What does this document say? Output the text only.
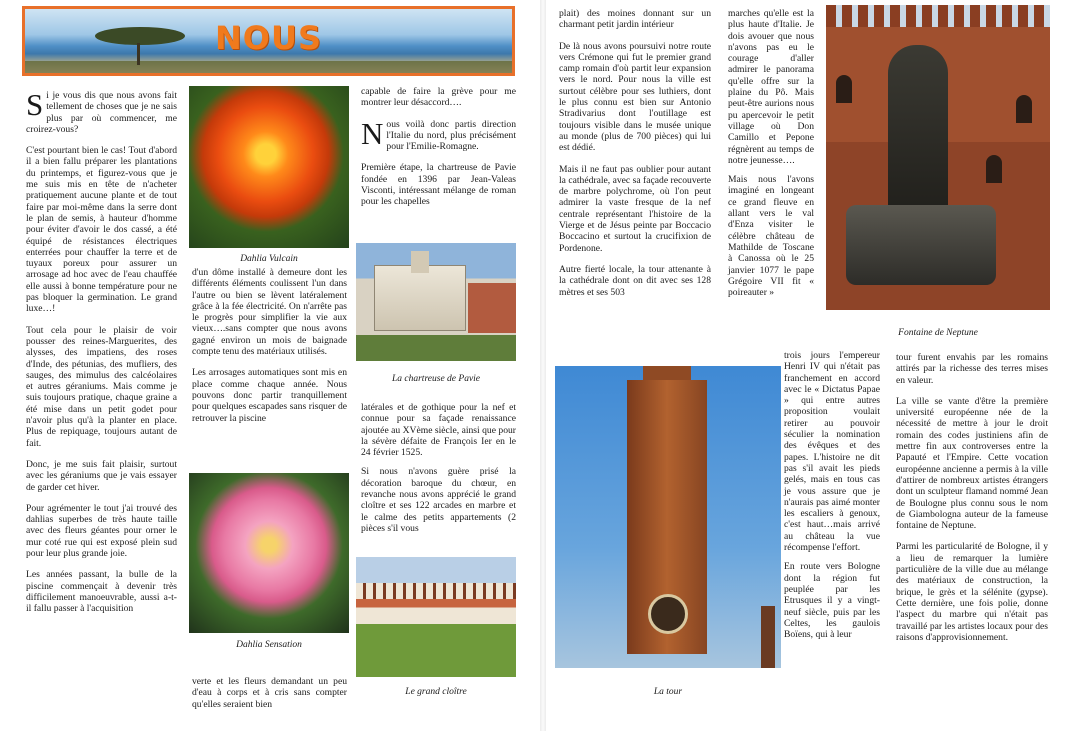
NOUS

Si je vous dis que nous avons fait tellement de choses que je ne sais plus par où commencer, me croirez-vous?

C'est pourtant bien le cas! Tout d'abord il a bien fallu préparer les plantations du printemps, et figurez-vous que je me suis mis en tête de n'acheter pratiquement aucune plante et de tout faire par moi-même dans la serre dont le plan de semis, à hauteur d'homme pour éviter d'avoir le dos cassé, a été équipé de résistances électriques enterrées pour chauffer la terre et de tuyaux poreux pour assurer un arrosage ad hoc avec de l'eau chauffée elle aussi à bonne température pour ne pas bloquer la germination. Le grand luxe…!

Tout cela pour le plaisir de voir pousser des reines-Marguerites, des alysses, des impatiens, des roses d'Inde, des pétunias, des mufliers, des sauges, des mimulus des calcéolaires et autres géraniums. Mais comme je suis toujours pratique, chaque graine a été mise dans un petit godet pour n'avoir plus qu'à la planter en place. Plus de repiquage, toujours autant de fait.

Donc, je me suis fait plaisir, surtout avec les géraniums que je vais essayer de garder cet hiver.

Pour agrémenter le tout j'ai trouvé des dahlias superbes de très haute taille avec des fleurs géantes pour orner le mur coté rue qui est exposé plein sud pour leur plus grande joie.

Les années passant, la bulle de la piscine commençait à devenir très difficilement manoeuvrable, aussi a-t-il fallu passer à l'acquisition

Dahlia Vulcain

d'un dôme installé à demeure dont les différents éléments coulissent l'un dans l'autre ou bien se lèvent latéralement grâce à la fée électricité. On n'arrête pas le progrès pour simplifier la vie aux vieux….sans compter que nous avons gagné environ un mois de baignade compte tenu des matériaux utilisés.

Les arrosages automatiques sont mis en place comme chaque année. Nous pouvons donc partir tranquillement pour quelques escapades sans risquer de retrouver la piscine

Dahlia Sensation

verte et les fleurs demandant un peu d'eau à corps et à cris sans compter qu'elles seraient bien

capable de faire la grève pour me montrer leur désaccord….

Nous voilà donc partis direction l'Italie du nord, plus précisément pour l'Emilie-Romagne.

Première étape, la chartreuse de Pavie fondée en 1396 par Jean-Valeas Visconti, intéressant mélange de roman pour les chapelles

La chartreuse de Pavie

latérales et de gothique pour la nef et connue pour sa façade renaissance ajoutée au XVème siècle, ainsi que pour la sévère défaite de François Ier en le 24 février 1525.

Si nous n'avons guère prisé la décoration baroque du chœur, en revanche nous avons apprécié le grand cloître et ses 122 arcades en marbre et le calme des petits appartements (2 pièces s'il vous

Le grand cloître

plait) des moines donnant sur un charmant petit jardin intérieur

De là nous avons poursuivi notre route vers Crémone qui fut le premier grand camp romain d'où partit leur expansion vers le nord. Pour nous la ville est surtout célèbre pour ses luthiers, dont le plus connu est bien sur Antonio Stradivarius dont l'outillage est toujours visible dans le musée unique au monde (plus de 700 pièces) qui lui est dédié.

Mais il ne faut pas oublier pour autant la cathédrale, avec sa façade recouverte de marbre polychrome, où l'on peut admirer la vaste fresque de la nef centrale représentant l'histoire de la Vierge et de Jésus peinte par Boccacio Boccacino et surtout la crucifixion de Pordenone.

Autre fierté locale, la tour attenante à la cathédrale dont on dit avec ses 128 mètres et ses 503

marches qu'elle est la plus haute d'Italie. Je dois avouer que nous n'avons pas eu le courage d'aller admirer le panorama qu'elle offre sur la plaine du Pô. Mais peut-être aurions nous pu apercevoir le petit village où Don Camillo et Pepone régnèrent au temps de notre jeunesse….

Mais nous l'avons imaginé en longeant ce grand fleuve en allant vers le val d'Enza visiter le célèbre château de Mathilde de Toscane à Canossa où le 25 janvier 1077 le pape Grégoire VII fit « poireauter »

Fontaine de Neptune
La tour

trois jours l'empereur Henri IV qui n'était pas franchement en accord avec le « Dictatus Papae » qui entre autres proposition voulait retirer au pouvoir séculier la nomination des évêques et des papes. L'histoire ne dit pas s'il avait les pieds gelés, mais en tous cas je vous assure que je n'aurais pas aimé monter les escaliers à genoux, c'est haut…mais arrivé au château la vue récompense l'effort.

En route vers Bologne dont la région fut peuplée par les Etrusques il y a vingt-neuf siècle, puis par les Celtes, les gaulois Boïens, qui à leur

tour furent envahis par les romains attirés par la richesse des terres mises en valeur.

La ville se vante d'être la première université européenne née de la nécessité de mettre à jour le droit romain des codes justiniens afin de mettre fin aux controverses entre la Papauté et l'Empire. Cette vocation européenne ancienne a permis à la ville d'attirer de nombreux artistes étrangers dont un sculpteur flamand nommé Jean de Boulogne plus connu sous le nom de Giambologna auteur de la fameuse fontaine de Neptune.

Parmi les particularité de Bologne, il y a lieu de remarquer la lumière particulière de la ville due au mélange des matériaux de construction, la brique, le grès et la sélénite (gypse). Cette dernière, une fois polie, donne l'aspect du marbre qui n'était pas travaillé par les artistes locaux pour des raisons d'approvisionnement.
